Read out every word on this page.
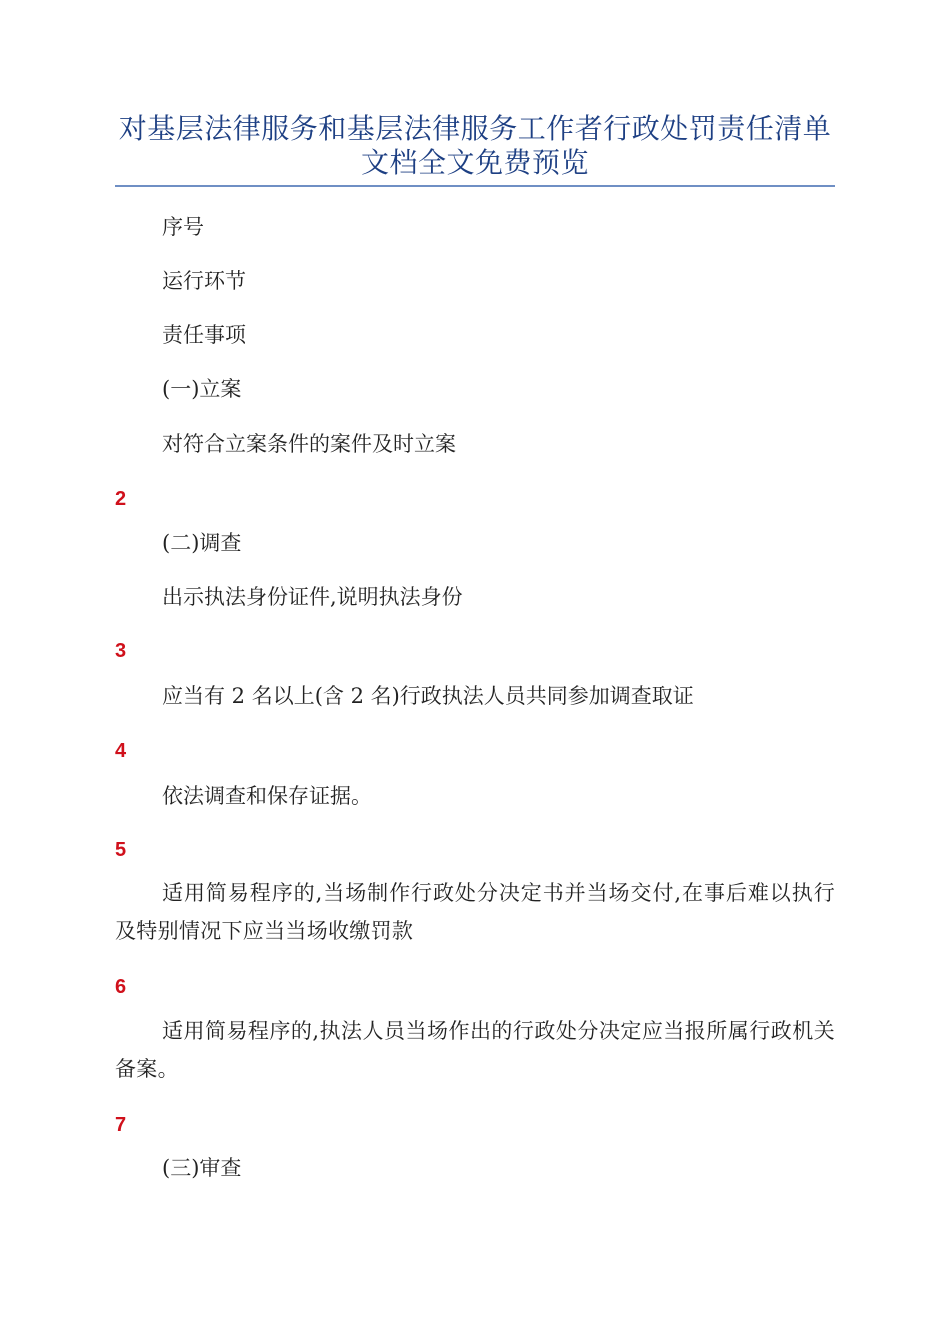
对基层法律服务和基层法律服务工作者行政处罚责任清单文档全文免费预览
序号
运行环节
责任事项
(一)立案
对符合立案条件的案件及时立案
2
(二)调查
出示执法身份证件,说明执法身份
3
应当有 2 名以上(含 2 名)行政执法人员共同参加调查取证
4
依法调查和保存证据。
5
适用简易程序的,当场制作行政处分决定书并当场交付,在事后难以执行及特别情况下应当当场收缴罚款
6
适用简易程序的,执法人员当场作出的行政处分决定应当报所属行政机关备案。
7
(三)审查
